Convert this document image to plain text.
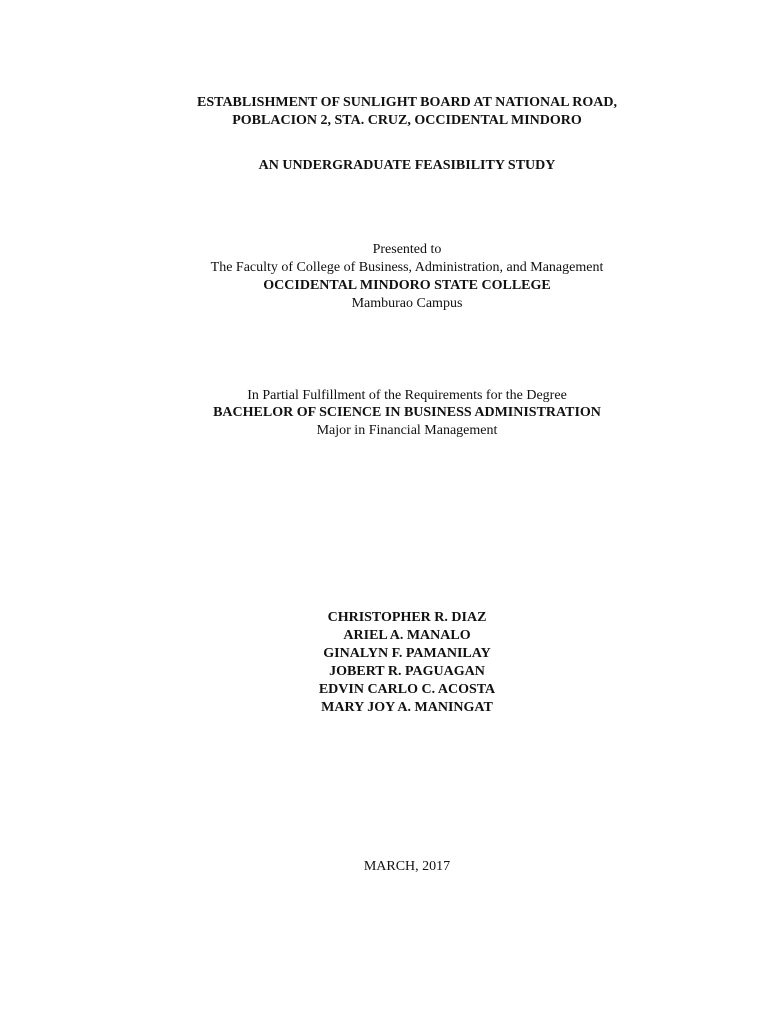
ESTABLISHMENT OF SUNLIGHT BOARD AT NATIONAL ROAD,
POBLACION 2, STA. CRUZ, OCCIDENTAL MINDORO
AN UNDERGRADUATE FEASIBILITY STUDY
Presented to
The Faculty of College of Business, Administration, and Management
OCCIDENTAL MINDORO STATE COLLEGE
Mamburao Campus
In Partial Fulfillment of the Requirements for the Degree
BACHELOR OF SCIENCE IN BUSINESS ADMINISTRATION
Major in Financial Management
CHRISTOPHER R. DIAZ
ARIEL A. MANALO
GINALYN F. PAMANILAY
JOBERT R. PAGUAGAN
EDVIN CARLO C. ACOSTA
MARY JOY A. MANINGAT
MARCH, 2017
